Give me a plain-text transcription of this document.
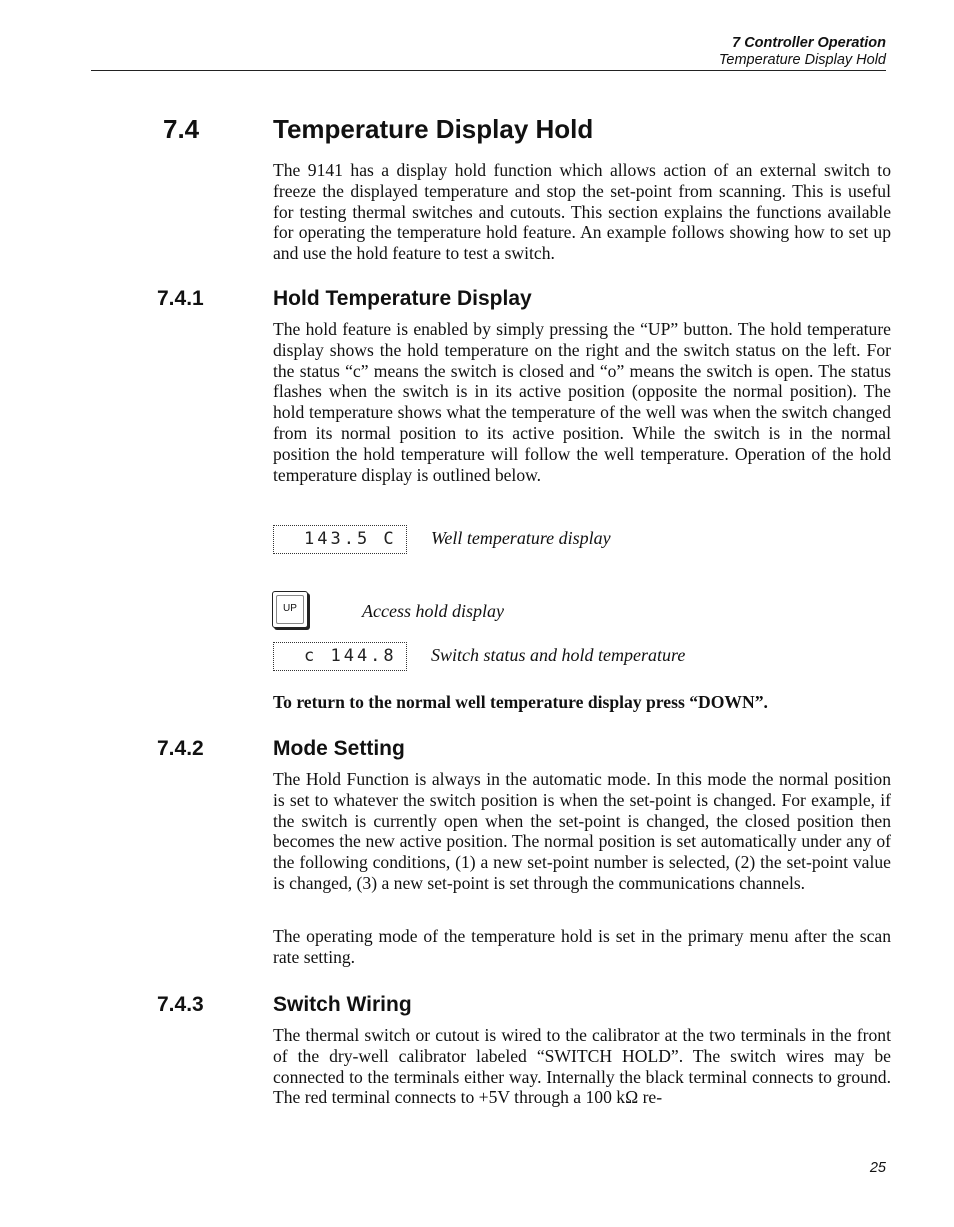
7 Controller Operation
Temperature Display Hold
7.4	Temperature Display Hold

The 9141 has a display hold function which allows action of an external switch to freeze the displayed temperature and stop the set-point from scanning. This is useful for testing thermal switches and cutouts. This section explains the functions available for operating the temperature hold feature. An example follows showing how to set up and use the hold feature to test a switch.

7.4.1	Hold Temperature Display

The hold feature is enabled by simply pressing the “UP” button. The hold temperature display shows the hold temperature on the right and the switch status on the left. For the status “c” means the switch is closed and “o” means the switch is open. The status flashes when the switch is in its active position (opposite the normal position). The hold temperature shows what the temperature of the well was when the switch changed from its normal position to its active position. While the switch is in the normal position the hold temperature will follow the well temperature. Operation of the hold temperature display is outlined below.

143.5 C	Well temperature display
UP	Access hold display
c 144.8	Switch status and hold temperature

To return to the normal well temperature display press “DOWN”.

7.4.2	Mode Setting

The Hold Function is always in the automatic mode. In this mode the normal position is set to whatever the switch position is when the set-point is changed. For example, if the switch is currently open when the set-point is changed, the closed position then becomes the new active position. The normal position is set automatically under any of the following conditions, (1) a new set-point number is selected, (2) the set-point value is changed, (3) a new set-point is set through the communications channels.

The operating mode of the temperature hold is set in the primary menu after the scan rate setting.

7.4.3	Switch Wiring

The thermal switch or cutout is wired to the calibrator at the two terminals in the front of the dry-well calibrator labeled “SWITCH HOLD”. The switch wires may be connected to the terminals either way. Internally the black terminal connects to ground. The red terminal connects to +5V through a 100 kΩ re-

25
